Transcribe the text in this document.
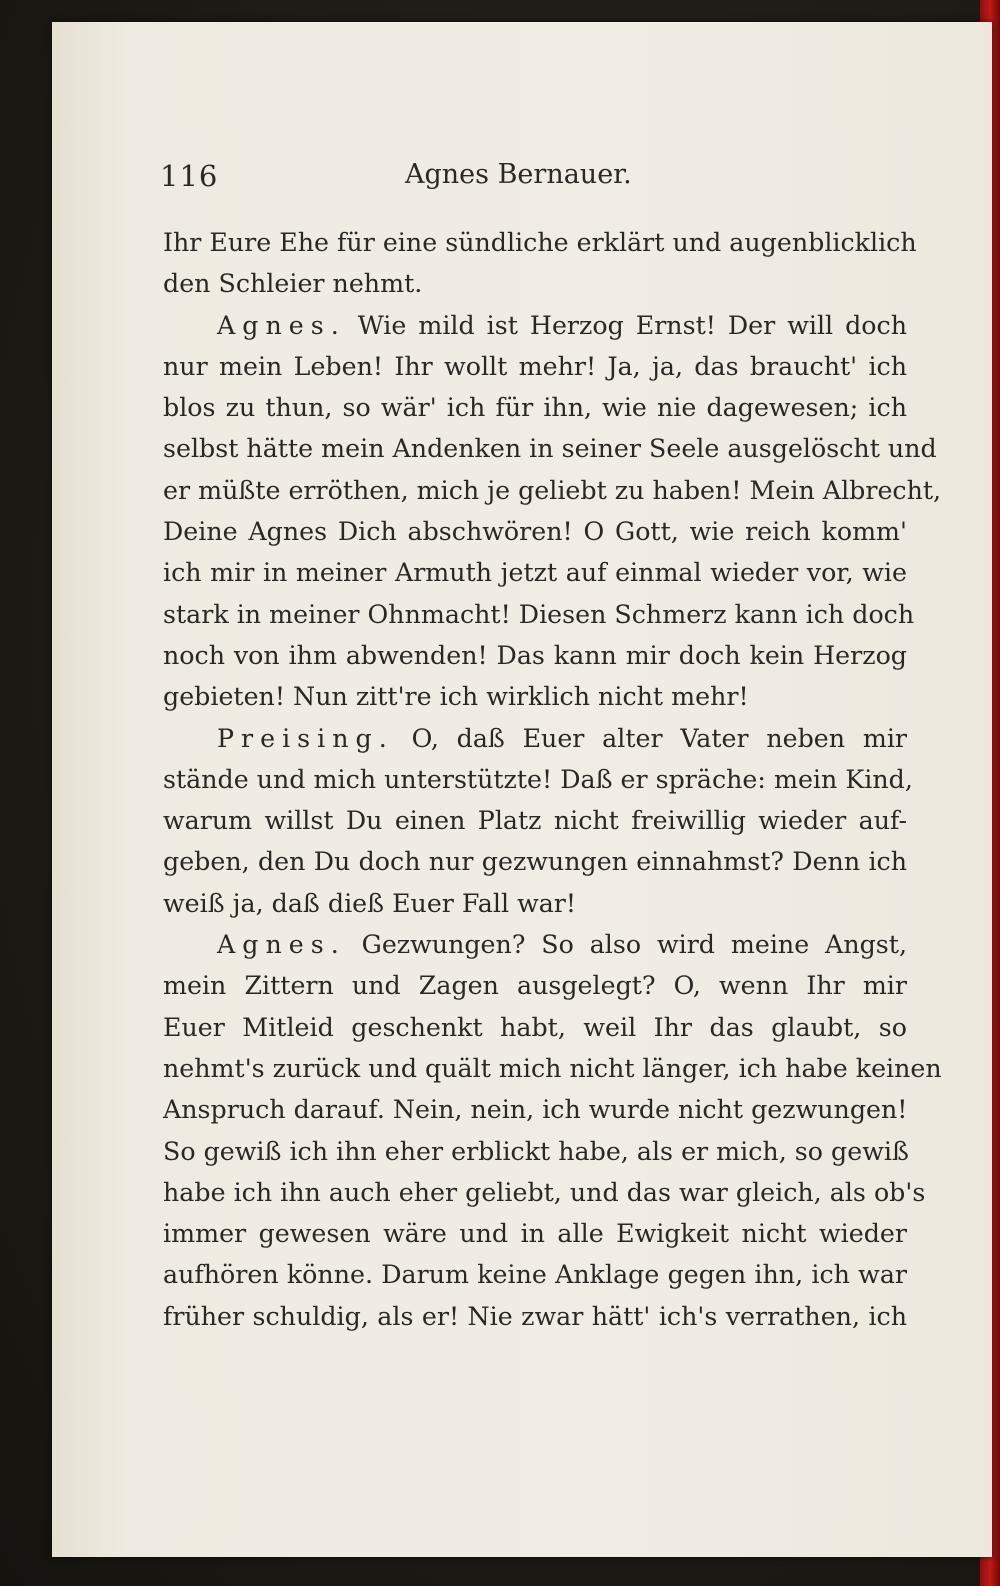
116	Agnes Bernauer.
Ihr Eure Ehe für eine sündliche erklärt und augenblicklich
den Schleier nehmt.
Agnes. Wie mild ist Herzog Ernst! Der will doch
nur mein Leben! Ihr wollt mehr! Ja, ja, das braucht' ich
blos zu thun, so wär' ich für ihn, wie nie dagewesen; ich
selbst hätte mein Andenken in seiner Seele ausgelöscht und
er müßte erröthen, mich je geliebt zu haben! Mein Albrecht,
Deine Agnes Dich abschwören! O Gott, wie reich komm'
ich mir in meiner Armuth jetzt auf einmal wieder vor, wie
stark in meiner Ohnmacht! Diesen Schmerz kann ich doch
noch von ihm abwenden! Das kann mir doch kein Herzog
gebieten! Nun zitt're ich wirklich nicht mehr!
Preising. O, daß Euer alter Vater neben mir
stände und mich unterstützte! Daß er spräche: mein Kind,
warum willst Du einen Platz nicht freiwillig wieder auf-
geben, den Du doch nur gezwungen einnahmst? Denn ich
weiß ja, daß dieß Euer Fall war!
Agnes. Gezwungen? So also wird meine Angst,
mein Zittern und Zagen ausgelegt? O, wenn Ihr mir
Euer Mitleid geschenkt habt, weil Ihr das glaubt, so
nehmt's zurück und quält mich nicht länger, ich habe keinen
Anspruch darauf. Nein, nein, ich wurde nicht gezwungen!
So gewiß ich ihn eher erblickt habe, als er mich, so gewiß
habe ich ihn auch eher geliebt, und das war gleich, als ob's
immer gewesen wäre und in alle Ewigkeit nicht wieder
aufhören könne. Darum keine Anklage gegen ihn, ich war
früher schuldig, als er! Nie zwar hätt' ich's verrathen, ich
